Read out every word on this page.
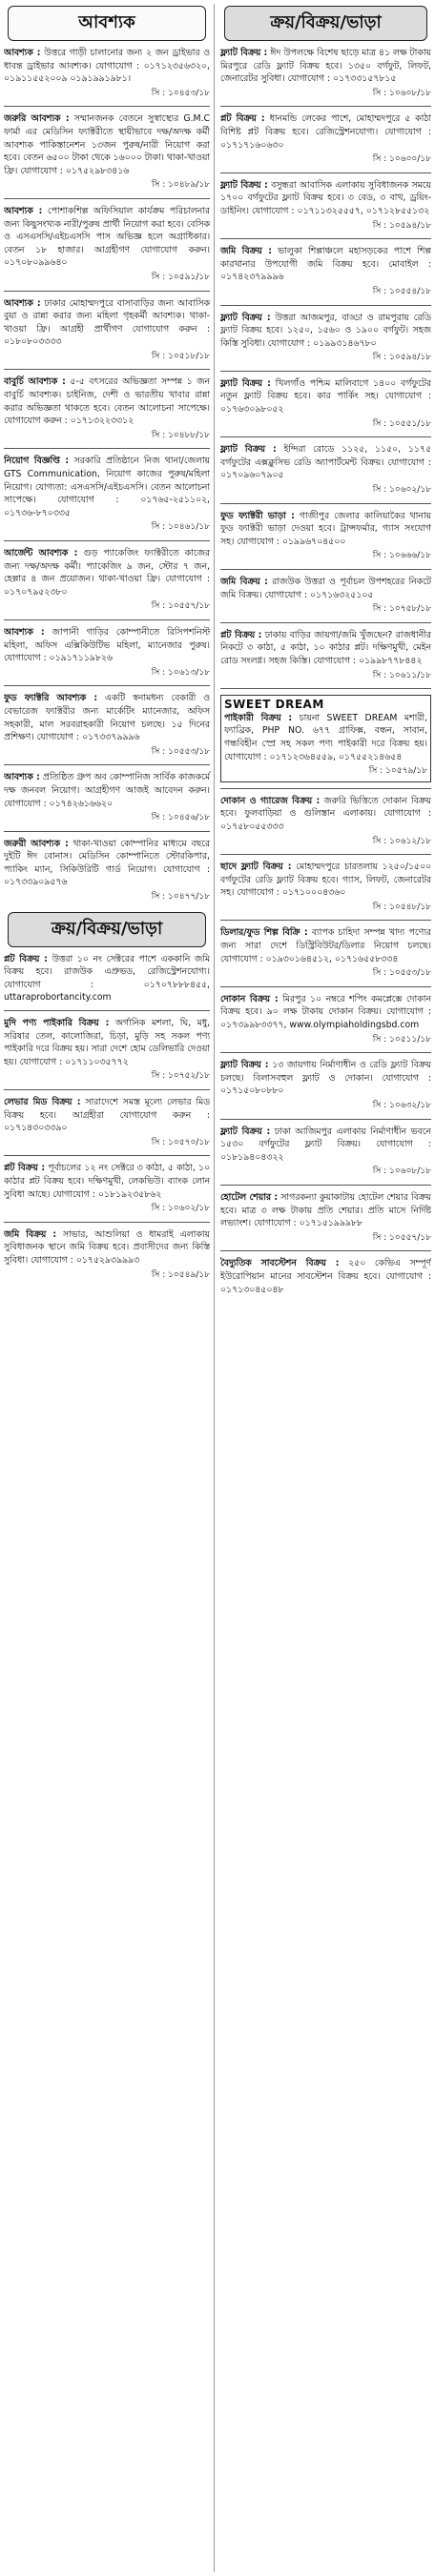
আবশ্যক
আবশ্যক : উত্তরে গাড়ী চালানোর জন্য ২ জন ড্রাইভার ও ধাবন্ত ড্রাইভার আবশ্যক। যোগাযোগ : ০১৭১২৩৫৬৩২০, ০১৯১১৫৫২০০৯ ০১৯১৯৯১৯৮১।
সি : ১০৪৫৩/১৮
জরুরি আবশ্যক : সম্মানজনক বেতনে সুস্বাস্থ্যের G.M.C ফার্মা এর মেডিসিন ফ্যাক্টরীতে স্থায়ীভাবে দক্ষ/অদক্ষ কর্মী আবশ্যক পাকিস্তানেশন ১৩জন পুরুষ/নারী নিয়োগ করা হবে। বেতন ৬৫০০ টাকা থেকে ১৬০০০ টাকা। থাকা-খাওয়া ফ্রি। যোগাযোগ : ০১৭৫২৯৮৩৪১৬
সি : ১০৪৮৯/১৮
আবশ্যক : পোশাকশিল্প অফিসিয়াল কার্যক্রম পরিচালনার জন্য কিছুসংখ্যক নারী/পুরুষ প্রার্থী নিয়োগ করা হবে। বেসিক ও এসএসসি/এইচএসসি পাস অভিজ্ঞ হলে অগ্রাধিকার। বেতন ১৮ হাজার। আগ্রহীগণ যোগাযোগ করুন। ০১৭০৮০৯৯৬৪০
সি : ১০৫৯১/১৮
আবশ্যক : ঢাকার মোহাম্মদপুরে বাসাবাড়ির জন্য আবাসিক বুয়া ও রান্না করার জন্য মহিলা গৃহকর্মী আবশ্যক। থাকা-খাওয়া ফ্রি। আগ্রহী প্রার্থীগণ যোগাযোগ করুন : ০১৮০৮০৩৩৩৩
সি : ১০৫১৮/১৮
বাবুর্চি আবশ্যক : ৫-৫ বৎসরের অভিজ্ঞতা সম্পন্ন ১ জন বাবুর্চি আবশ্যক। চাইনিজ, দেশী ও ভারতীয় খাবার রান্না করার অভিজ্ঞতা থাকতে হবে। বেতন আলোচনা সাপেক্ষে। যোগাযোগ করুন : ০১৭১৩২২৩৩১২
সি : ১০৪৮৮/১৮
নিয়োগ বিজ্ঞপ্তি : সরকারি প্রতিষ্ঠানে নিজ থানা/জেলায় GTS Communication, নিয়োগ কাজের পুরুষ/মহিলা নিয়োগ। যোগ্যতা: এসএসসি/এইচএসসি। বেতন আলোচনা সাপেক্ষে। যোগাযোগ : ০১৭৬৫-২৫১১০২, ০১৭৩৬-৮৭০৩৩৫
সি : ১০৪৬১/১৮
আর্জেন্ট আবশ্যক : গুড় প্যাকেজিং ফ্যাক্টরীতে কাজের জন্য দক্ষ/অদক্ষ কর্মী। প্যাকেজিং ৯ জন, স্টোর ৭ জন, হেল্পার ৪ জন প্রয়োজন। থাকা-খাওয়া ফ্রি। যোগাযোগ : ০১৭০৭৯৫২৩৮০
সি : ১০৫৫৭/১৮
আবশ্যক : জাপানী গাড়ির কোম্পানীতে রিসিপশনিস্ট মহিলা, অফিস এক্সিকিউটিভ মহিলা, ম্যানেজার পুরুষ। যোগাযোগ : ০১৯১৭১১৯৮২৬
সি : ১০৬১৩/১৮
ফুড ফ্যাক্টরি আবশ্যক : একটি স্বনামধন্য বেকারী ও বেভারেজ ফ্যাক্টরীর জন্য মার্কেটিং ম্যানেজার, অফিস সহকারী, মাল সরবরাহকারী নিয়োগ চলছে। ১৫ দিনের প্রশিক্ষণ। যোগাযোগ : ০১৭৩৩৭৯৯৯৬
সি : ১০৫৫৩/১৮
আবশ্যক : প্রতিষ্ঠিত গ্রুপ অব কোম্পানিজ সার্বিক কাজকর্মে দক্ষ জনবল নিয়োগ। আগ্রহীগণ আজই আবেদন করুন। যোগাযোগ : ০১৭৪২৬১৬৬২০
সি : ১০৪৫৬/১৮
জরুরী আবশ্যক : থাকা-খাওয়া কোম্পানির মাধ্যমে বছরে দুইটি ঈদ বোনাস। মেডিসিন কোম্পানিতে স্টোরকিপার, প্যাকিং ম্যান, সিকিউরিটি গার্ড নিয়োগ। যোগাযোগ : ০১৭৩৩৯০৯৫৭৬
সি : ১০৪৭৭/১৮
ক্রয়/বিক্রয়/ভাড়া
প্লট বিক্রয় : উত্তরা ১০ নং সেক্টরের পাশে এককানি জমি বিক্রয় হবে। রাজউক এপ্রুভড, রেজিস্ট্রেশনযোগ্য। যোগাযোগ : ০১৭০৭৮৮৮৪৫৫, uttaraprobortancity.com
মুদি পণ্য পাইকারি বিক্রয় : অর্গানিক মশলা, ঘি, মধু, সরিষার তেল, কালোজিরা, চিড়া, মুড়ি সহ সকল পণ্য পাইকারি দরে বিক্রয় হয়। সারা দেশে হোম ডেলিভারি দেওয়া হয়। যোগাযোগ : ০১৭১১০৩৫৭৭২
সি : ১০৭৫২/১৮
লেভার মিড বিক্রয় : সারাদেশে সমস্ত মূল্যে লেভার মিড বিক্রয় হবে। আগ্রহীরা যোগাযোগ করুন : ০১৭১৪৩০৩৩৯০
সি : ১০৫৭০/১৮
প্লট বিক্রয় : পূর্বাচলের ১২ নং সেক্টরে ৩ কাঠা, ৫ কাঠা, ১০ কাঠার প্লট বিক্রয় হবে। দক্ষিণমুখী, লেকভিউ। ব্যাংক লোন সুবিধা আছে। যোগাযোগ : ০১৮১৯২৩৫৮৬২
সি : ১০৬০২/১৮
জমি বিক্রয় : সাভার, আশুলিয়া ও ধামরাই এলাকায় সুবিধাজনক স্থানে জমি বিক্রয় হবে। প্রবাসীদের জন্য কিস্তি সুবিধা। যোগাযোগ : ০১৭৫২৯৩৯৯৯৩
সি : ১০৫৪৯/১৮
ক্রয়/বিক্রয়/ভাড়া
ফ্ল্যাট বিক্রয় : ঈদ উপলক্ষে বিশেষ ছাড়ে মাত্র ৪১ লক্ষ টাকায় মিরপুরে রেডি ফ্ল্যাট বিক্রয় হবে। ১৩৫০ বর্গফুট, লিফট, জেনারেটর সুবিধা। যোগাযোগ : ০১৭৩৩১৫৭৮১৫
সি : ১০৬০৮/১৮
প্লট বিক্রয় : ধানমন্ডি লেকের পাশে, মোহাম্মদপুরে ৫ কাঠা বিশিষ্ট প্লট বিক্রয় হবে। রেজিস্ট্রেশনযোগ্য। যোগাযোগ : ০১৭১৭১৬০৬৩০
সি : ১০৬০০/১৮
ফ্ল্যাট বিক্রয় : বসুন্ধরা আবাসিক এলাকায় সুবিধাজনক সময়ে ১৭০০ বর্গফুটের ফ্ল্যাট বিক্রয় হবে। ৩ বেড, ৩ বাথ, ড্রয়িং-ডাইনিং। যোগাযোগ : ০১৭১১৩২৫৫৫৭, ০১৭১২৮৫৫১৩২
সি : ১০৫৯৪/১৮
জমি বিক্রয় : ভালুকা শিল্পাঞ্চলে মহাসড়কের পাশে শিল্প কারখানার উপযোগী জমি বিক্রয় হবে। মোবাইল : ০১৭৪২৩৭৯৯৯৬
সি : ১০৫৫৪/১৮
ফ্ল্যাট বিক্রয় : উত্তরা আজমপুর, বাড্ডা ও রামপুরায় রেডি ফ্ল্যাট বিক্রয় হবে। ১২৫০, ১৫৬০ ও ১৯০০ বর্গফুট। সহজ কিস্তি সুবিধা। যোগাযোগ : ০১৯৯৩১৪৬৭৮০
সি : ১০৫৯৪/১৮
ফ্ল্যাট বিক্রয় : খিলগাঁও পশ্চিম মালিবাগে ১৪০০ বর্গফুটের নতুন ফ্ল্যাট বিক্রয় হবে। কার পার্কিং সহ। যোগাযোগ : ০১৭৬৩০৯৮০৫২
সি : ১০৫৫১/১৮
ফ্ল্যাট বিক্রয় : ইন্দিরা রোডে ১১২৫, ১১৫০, ১১৭৫ বর্গফুটের এক্সক্লুসিভ রেডি অ্যাপার্টমেন্ট বিক্রয়। যোগাযোগ : ০১৭০৯৬০৭৯০৫
সি : ১০৬০২/১৮
ফুড ফ্যাক্টরী ভাড়া : গাজীপুর জেলার কালিয়াকৈর থানায় ফুড ফ্যাক্টরী ভাড়া দেওয়া হবে। ট্রান্সফর্মার, গ্যাস সংযোগ সহ। যোগাযোগ : ০১৯৯৬৭০৪৫০০
সি : ১০৬৬৬/১৮
জমি বিক্রয় : রাজউক উত্তরা ও পূর্বাচল উপশহরের নিকটে জমি বিক্রয়। যোগাযোগ : ০১৭১৬৩২৫১০৫
সি : ১০৭৫৮/১৮
প্লট বিক্রয় : ঢাকায় বাড়ির জায়গা/জমি খুঁজছেন? রাজধানীর নিকটে ৩ কাঠা, ৫ কাঠা, ১০ কাঠার প্লট। দক্ষিণমুখী, মেইন রোড সংলগ্ন। সহজ কিস্তি। যোগাযোগ : ০১৯৯৮৭৭৮৪৪২
সি : ১০৬১১/১৮
SWEET DREAM
পাইকারী বিক্রয় : চায়না SWEET DREAM মশারী, ফ্যাব্রিক, PHP NO. ৬৭৭ গ্রাফিক্স, বন্ধন, সাবান, গন্ধবিহীন স্প্রে সহ সকল পণ্য পাইকারী দরে বিক্রয় হয়। যোগাযোগ : ০১৭১২৩৬৪৫৫৯, ০১৭৫৫২১৪৬৫৪
সি : ১০৫৭৯/১৮
দোকান ও গ্যারেজ বিক্রয় : জরুরি ভিত্তিতে দোকান বিক্রয় হবে। ফুলবাড়িয়া ও গুলিস্তান এলাকায়। যোগাযোগ : ০১৭৫৮০৫৫৩৩৩
সি : ১০৬১২/১৮
ছাদে ফ্ল্যাট বিক্রয় : মোহাম্মদপুরে চারতলায় ১২৫০/১৫০০ বর্গফুটের রেডি ফ্ল্যাট বিক্রয় হবে। গ্যাস, লিফট, জেনারেটর সহ। যোগাযোগ : ০১৭১০০০৪৩৬০
সি : ১০৫৪৮/১৮
ডিলার/ফুড শিল্প বিক্রি : ব্যাপক চাহিদা সম্পন্ন খাদ্য পণ্যের জন্য সারা দেশে ডিস্ট্রিবিউটর/ডিলার নিয়োগ চলছে। যোগাযোগ : ০১৯৩০১৬৪৫১২, ০১৭১৬৫৫৮৩৩৪
সি : ১০৫৫৩/১৮
দোকান বিক্রয় : মিরপুর ১০ নম্বরে শপিং কমপ্লেক্সে দোকান বিক্রয় হবে। ৯০ লক্ষ টাকায় দোকান বিক্রয়। যোগাযোগ : ০১৭৩৯৯৮৩৩৭৭, www.olympiaholdingsbd.com
সি : ১০৫১১/১৮
ফ্ল্যাট বিক্রয় : ১৩ জায়গায় নির্মাণাধীন ও রেডি ফ্ল্যাট বিক্রয় চলছে। বিলাসবহুল ফ্ল্যাট ও দোকান। যোগাযোগ : ০১৭১৫০৮০৮৮০
সি : ১০৬৩২/১৮
ফ্ল্যাট বিক্রয় : ঢাকা আজিমপুর এলাকায় নির্মাণাধীন ভবনে ১৫৩০ বর্গফুটের ফ্ল্যাট বিক্রয়। যোগাযোগ : ০১৮১৯৪০৪৩২২
সি : ১০৬০৮/১৮
হোটেল শেয়ার : সাগরকন্যা কুয়াকাটায় হোটেল শেয়ার বিক্রয় হবে। মাত্র ৩ লক্ষ টাকায় প্রতি শেয়ার। প্রতি মাসে নির্দিষ্ট লভ্যাংশ। যোগাযোগ : ০১৭১৫১৯৯৯৮৮
সি : ১০৫৫৭/১৮
বৈদ্যুতিক সাবস্টেশন বিক্রয় : ২৫০ কেভিএ সম্পূর্ণ ইউরোপিয়ান মানের সাবস্টেশন বিক্রয় হবে। যোগাযোগ : ০১৭১৩০৪৫০৪৮
